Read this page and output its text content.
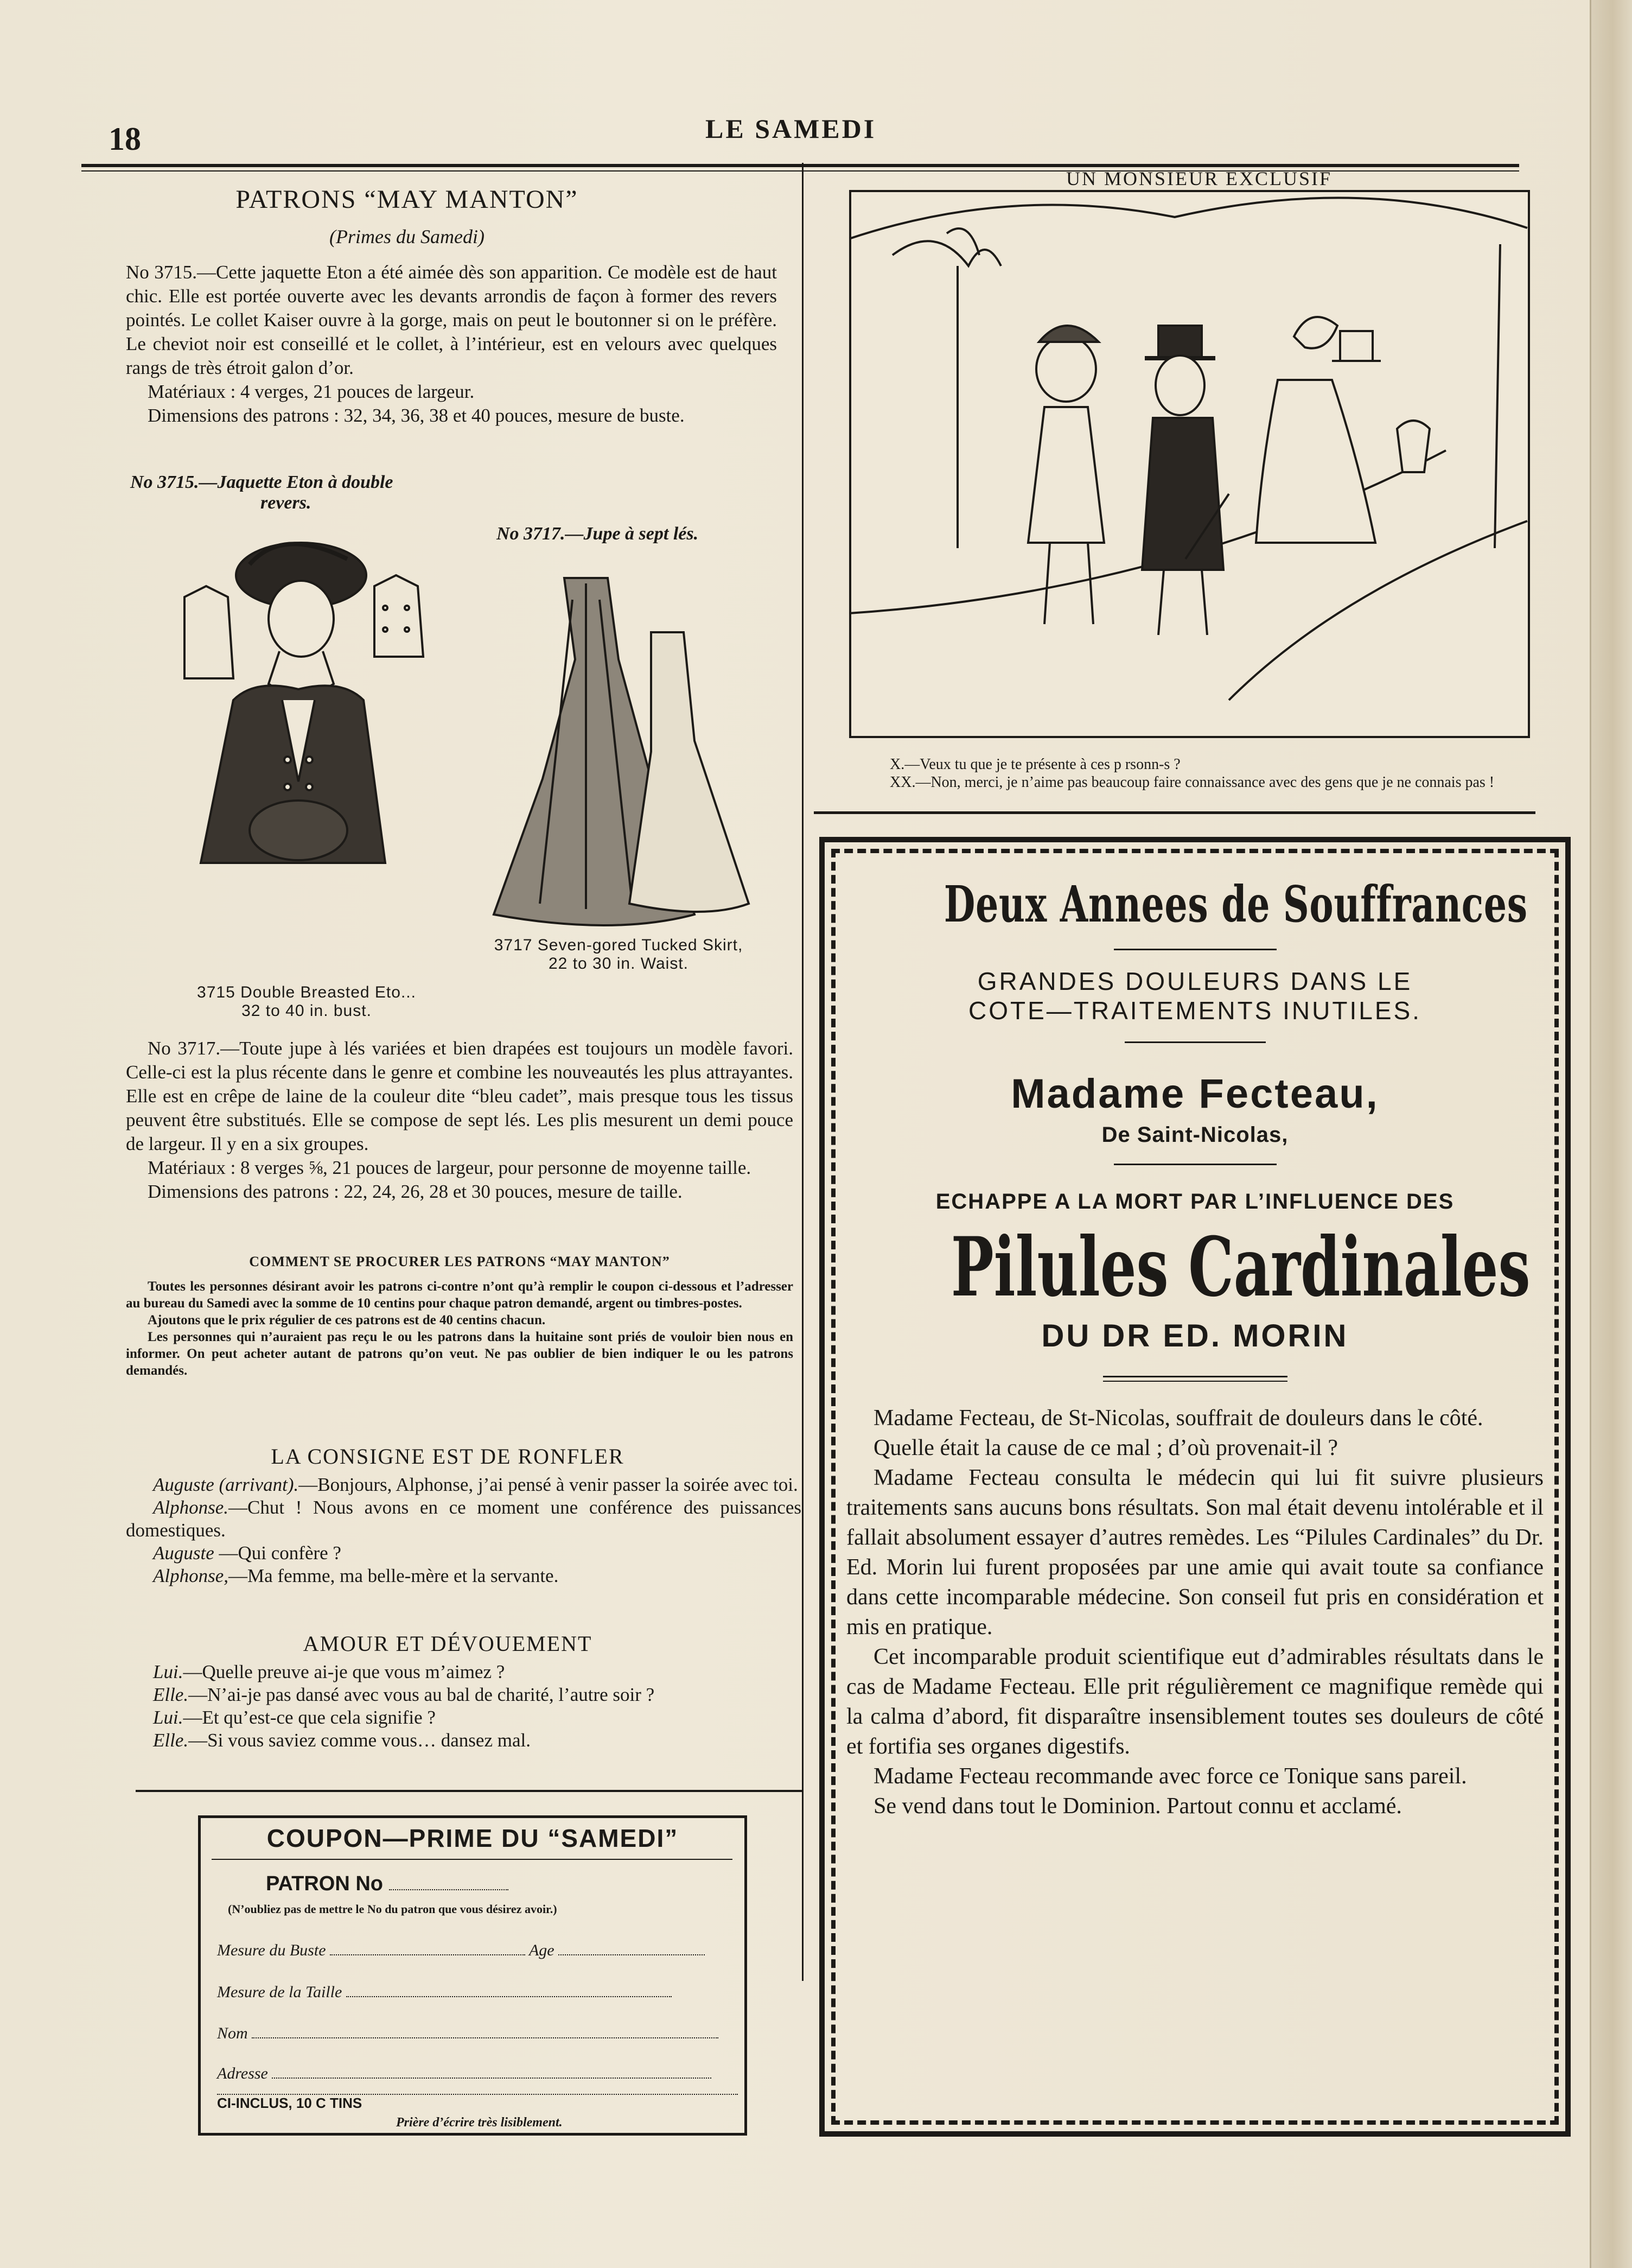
18	LE SAMEDI
PATRONS “MAY MANTON”
(Primes du Samedi)

No 3715.—Cette jaquette Eton a été aimée dès son apparition. Ce modèle est de haut chic. Elle est portée ouverte avec les devants arrondis de façon à former des revers pointés. Le collet Kaiser ouvre à la gorge, mais on peut le boutonner si on le préfère. Le cheviot noir est conseillé et le collet, à l’intérieur, est en velours avec quelques rangs de très étroit galon d’or.

Matériaux : 4 verges, 21 pouces de largeur.

Dimensions des patrons : 32, 34, 36, 38 et 40 pouces, mesure de buste.

No 3715.—Jaquette Eton à double
revers.
No 3717.—Jupe à sept lés.
3715 Double Breasted Eto...
32 to 40 in. bust.
3717 Seven-gored Tucked Skirt,
22 to 30 in. Waist.

No 3717.—Toute jupe à lés variées et bien drapées est toujours un modèle favori. Celle-ci est la plus récente dans le genre et combine les nouveautés les plus attrayantes. Elle est en crêpe de laine de la couleur dite “bleu cadet”, mais presque tous les tissus peuvent être substitués. Elle se compose de sept lés. Les plis mesurent un demi pouce de largeur. Il y en a six groupes.

Matériaux : 8 verges ⅝, 21 pouces de largeur, pour personne de moyenne taille.

Dimensions des patrons : 22, 24, 26, 28 et 30 pouces, mesure de taille.

COMMENT SE PROCURER LES PATRONS “MAY MANTON”

Toutes les personnes désirant avoir les patrons ci-contre n’ont qu’à remplir le coupon ci-dessous et l’adresser au bureau du Samedi avec la somme de 10 centins pour chaque patron demandé, argent ou timbres-postes.

Ajoutons que le prix régulier de ces patrons est de 40 centins chacun.

Les personnes qui n’auraient pas reçu le ou les patrons dans la huitaine sont priés de vouloir bien nous en informer. On peut acheter autant de patrons qu’on veut. Ne pas oublier de bien indiquer le ou les patrons demandés.

LA CONSIGNE EST DE RONFLER

Auguste (arrivant).—Bonjours, Alphonse, j’ai pensé à venir passer la soirée avec toi.

Alphonse.—Chut ! Nous avons en ce moment une conférence des puissances domestiques.

Auguste —Qui confère ?

Alphonse,—Ma femme, ma belle-mère et la servante.

AMOUR ET DÉVOUEMENT

Lui.—Quelle preuve ai-je que vous m’aimez ?

Elle.—N’ai-je pas dansé avec vous au bal de charité, l’autre soir ?

Lui.—Et qu’est-ce que cela signifie ?

Elle.—Si vous saviez comme vous… dansez mal.

COUPON—PRIME DU “SAMEDI”
PATRON No
(N’oubliez pas de mettre le No du patron que vous désirez avoir.)
Mesure du Buste	Age
Mesure de la Taille
Nom
Adresse
CI-INCLUS, 10 C TINS
Prière d’écrire très lisiblement.
UN MONSIEUR EXCLUSIF
X.—Veux tu que je te présente à ces p rsonn‑s ?
XX.—Non, merci, je n’aime pas beaucoup faire connaissance avec des gens que je ne connais pas !
Deux Annees de Souffrances
GRANDES DOULEURS DANS LE
COTE—TRAITEMENTS INUTILES.
Madame Fecteau,
De Saint-Nicolas,
ECHAPPE A LA MORT PAR L’INFLUENCE DES
Pilules Cardinales
DU DR ED. MORIN

Madame Fecteau, de St-Nicolas, souffrait de douleurs dans le côté.

Quelle était la cause de ce mal ; d’où provenait-il ?

Madame Fecteau consulta le médecin qui lui fit suivre plusieurs traitements sans aucuns bons résultats. Son mal était devenu intolérable et il fallait absolument essayer d’autres remèdes. Les “Pilules Cardinales” du Dr. Ed. Morin lui furent proposées par une amie qui avait toute sa confiance dans cette incomparable médecine. Son conseil fut pris en considération et mis en pratique.

Cet incomparable produit scientifique eut d’admirables résultats dans le cas de Madame Fecteau. Elle prit régulièrement ce magnifique remède qui la calma d’abord, fit disparaître insensiblement toutes ses douleurs de côté et fortifia ses organes digestifs.

Madame Fecteau recommande avec force ce Tonique sans pareil.

Se vend dans tout le Dominion. Partout connu et acclamé.
